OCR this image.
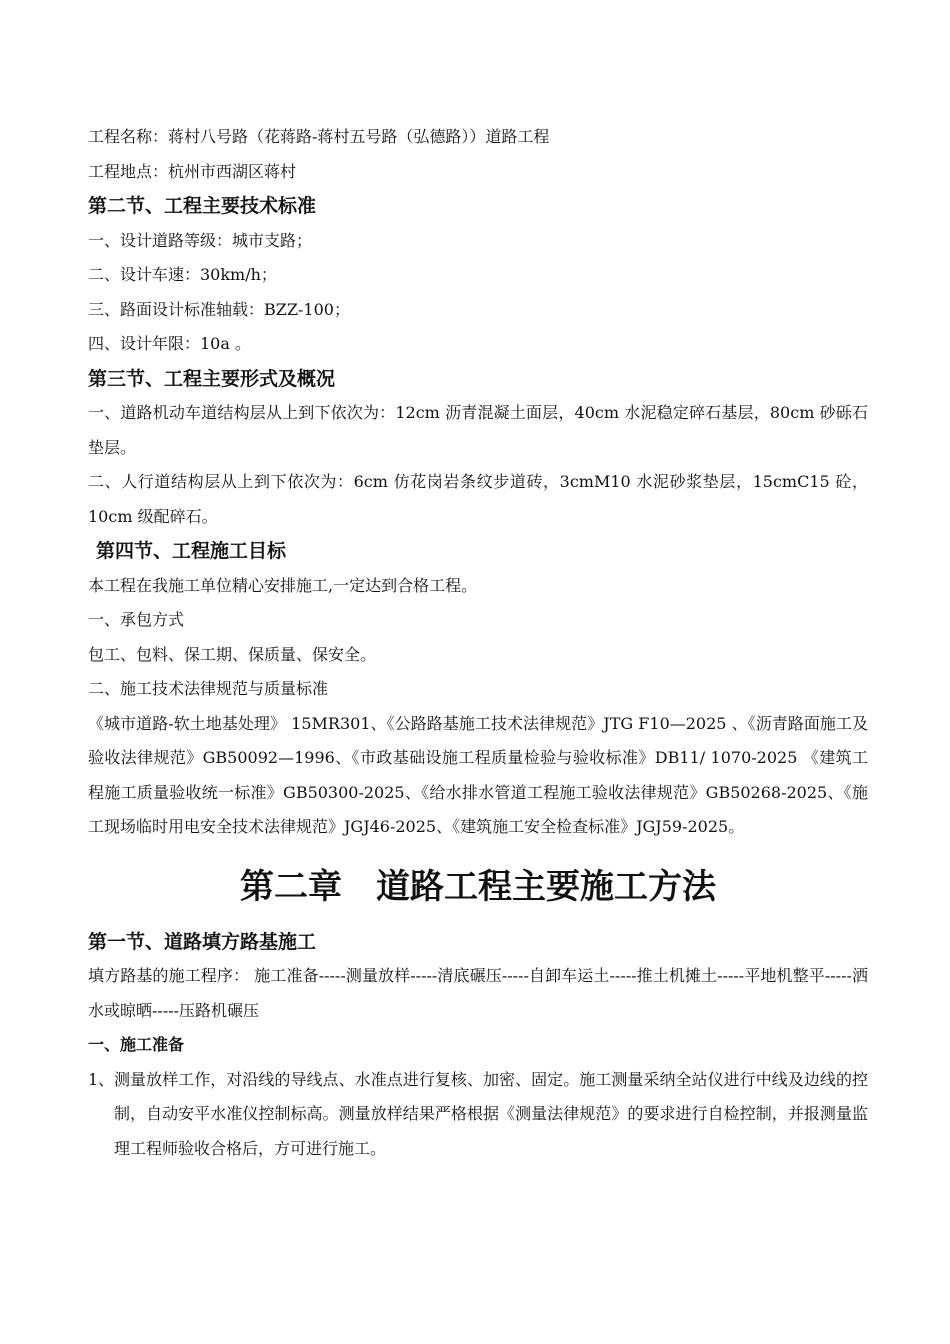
工程名称：蒋村八号路（花蒋路-蒋村五号路（弘德路））道路工程
工程地点：杭州市西湖区蒋村
第二节、工程主要技术标准
一、设计道路等级：城市支路；
二、设计车速：30km/h；
三、路面设计标准轴载：BZZ-100；
四、设计年限：10a 。
第三节、工程主要形式及概况
一、道路机动车道结构层从上到下依次为：12cm 沥青混凝土面层，40cm 水泥稳定碎石基层，80cm 砂砾石垫层。
二、人行道结构层从上到下依次为：6cm 仿花岗岩条纹步道砖，3cmM10 水泥砂浆垫层，15cmC15 砼，10cm 级配碎石。
第四节、工程施工目标
本工程在我施工单位精心安排施工,一定达到合格工程。
一、承包方式
包工、包料、保工期、保质量、保安全。
二、施工技术法律规范与质量标准
《城市道路-软土地基处理》 15MR301、《公路路基施工技术法律规范》JTG F10—2025 、《沥青路面施工及验收法律规范》GB50092—1996、《市政基础设施工程质量检验与验收标准》DB11/ 1070-2025 《建筑工程施工质量验收统一标准》GB50300-2025、《给水排水管道工程施工验收法律规范》GB50268-2025、《施工现场临时用电安全技术法律规范》JGJ46-2025、《建筑施工安全检查标准》JGJ59-2025。
第二章 道路工程主要施工方法
第一节、道路填方路基施工
填方路基的施工程序： 施工准备-----测量放样-----清底碾压-----自卸车运土-----推土机摊土-----平地机整平-----洒水或晾晒-----压路机碾压
一、施工准备
1、 测量放样工作，对沿线的导线点、水准点进行复核、加密、固定。施工测量采纳全站仪进行中线及边线的控制，自动安平水准仪控制标高。测量放样结果严格根据《测量法律规范》的要求进行自检控制，并报测量监理工程师验收合格后，方可进行施工。
